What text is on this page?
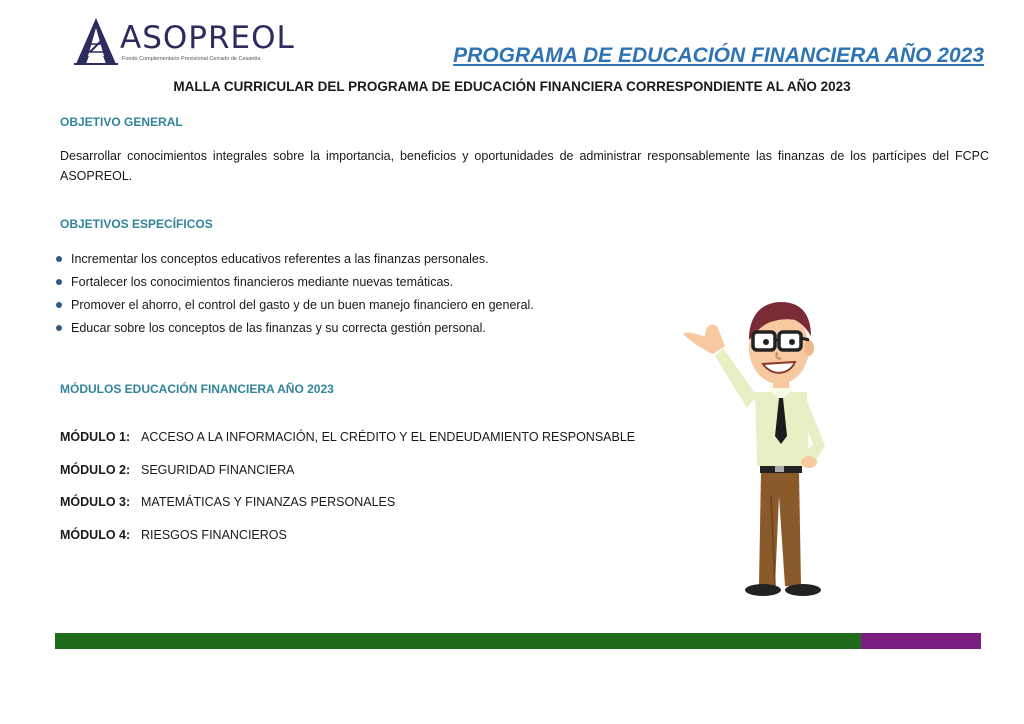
ASOPREOL
Fondo Complementario Previsional Cerrado de Cesantía	PROGRAMA DE EDUCACIÓN FINANCIERA AÑO 2023
MALLA CURRICULAR DEL PROGRAMA DE EDUCACIÓN FINANCIERA CORRESPONDIENTE AL AÑO 2023
OBJETIVO GENERAL
Desarrollar conocimientos integrales sobre la importancia, beneficios y oportunidades de administrar responsablemente las finanzas de los partícipes del FCPC ASOPREOL.
OBJETIVOS ESPECÍFICOS
Incrementar los conceptos educativos referentes a las finanzas personales.
Fortalecer los conocimientos financieros mediante nuevas temáticas.
Promover el ahorro, el control del gasto y de un buen manejo financiero en general.
Educar sobre los conceptos de las finanzas y su correcta gestión personal.
MÓDULOS EDUCACIÓN FINANCIERA AÑO 2023
MÓDULO 1: ACCESO A LA INFORMACIÓN, EL CRÉDITO Y EL ENDEUDAMIENTO RESPONSABLE
MÓDULO 2: SEGURIDAD FINANCIERA
MÓDULO 3: MATEMÁTICAS Y FINANZAS PERSONALES
MÓDULO 4: RIESGOS FINANCIEROS
